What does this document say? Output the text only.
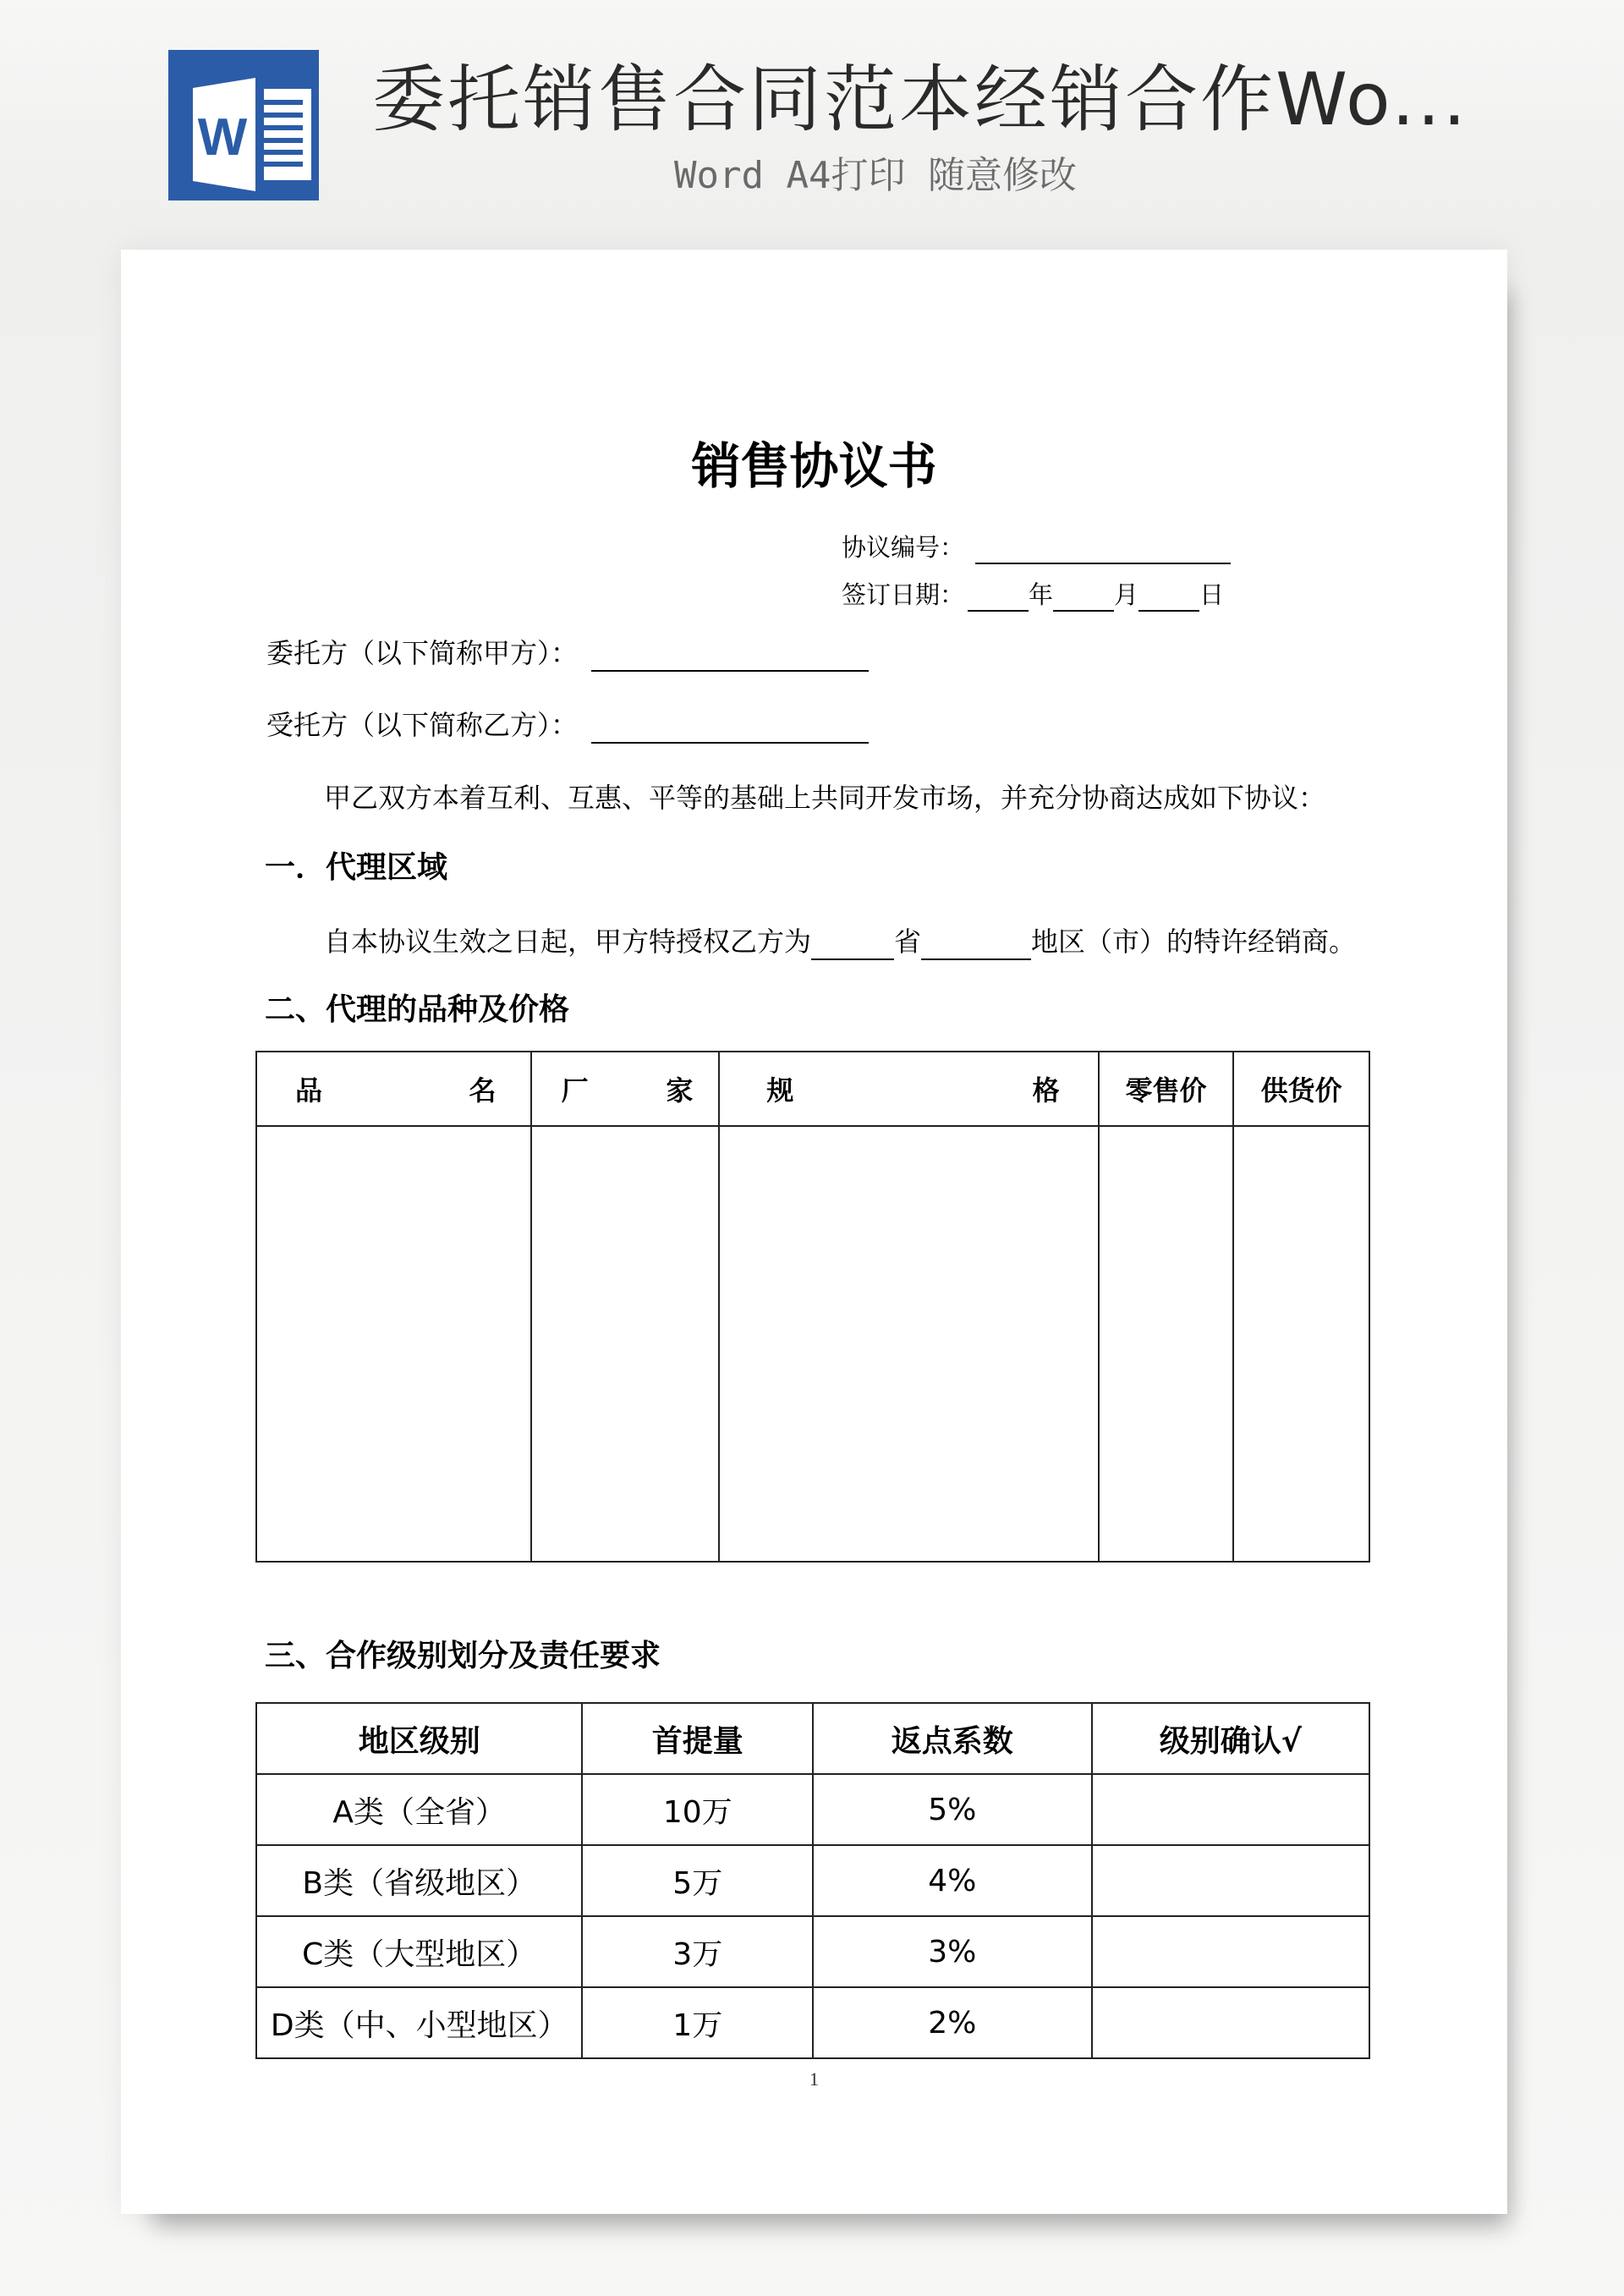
W 委托销售合同范本经销合作Wo...
Word A4打印 随意修改
销售协议书
协议编号：
签订日期：	年 月 日
委托方（以下简称甲方）：
受托方（以下简称乙方）：
甲乙双方本着互利、互惠、平等的基础上共同开发市场，并充分协商达成如下协议：
一．代理区域
自本协议生效之日起，甲方特授权乙方为	省	地区（市）的特许经销商。
二、代理的品种及价格
品 名	厂 家	规 格	零售价	供货价

三、合作级别划分及责任要求
地区级别	首提量	返点系数	级别确认√
A类（全省）	10万	5%	
B类（省级地区）	5万	4%	
C类（大型地区）	3万	3%	
D类（中、小型地区）	1万	2%	
1
